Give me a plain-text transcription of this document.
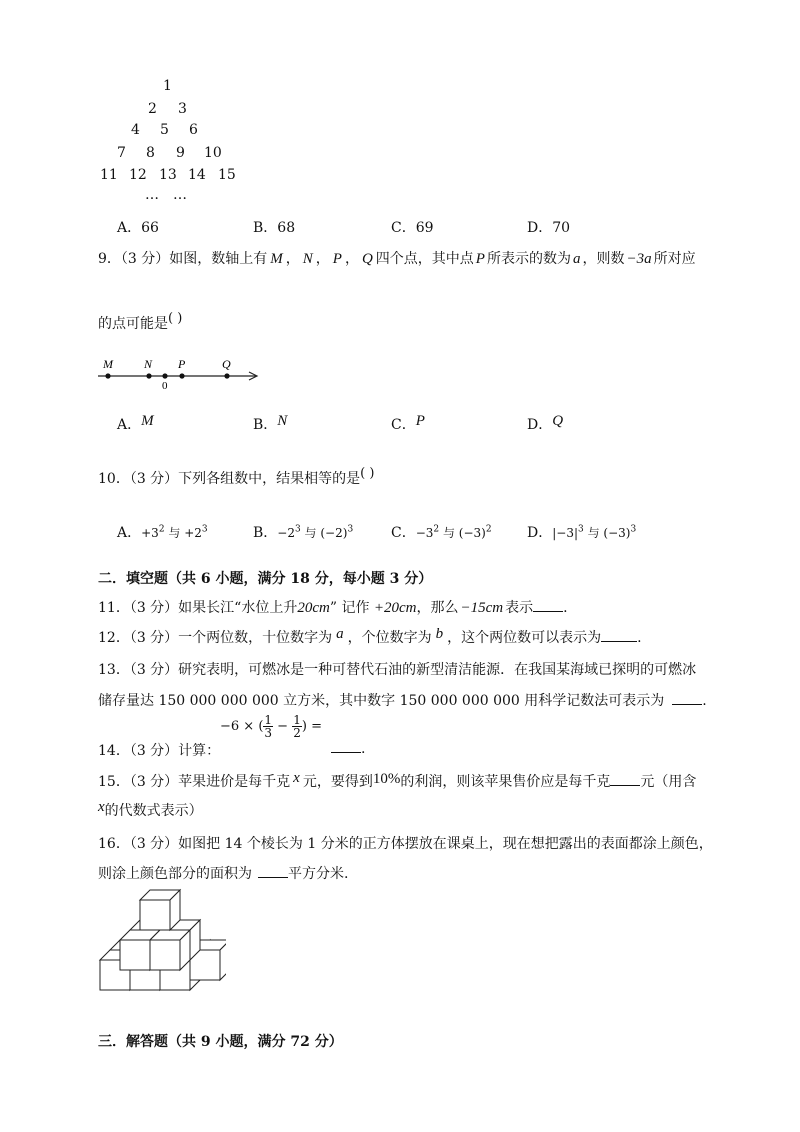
1
2 3
4 5 6
7 8 9 10
11 12 13 14 15
… …
A．66	B．68	C．69	D．70
9．（3 分）如图，数轴上有 M ， N ， P ， Q 四个点，其中点 P 所表示的数为 a ，则数 −3a 所对应
的点可能是( )
M	N P	Q
0
A．M	B．N	C．P	D．Q
10．（3 分）下列各组数中，结果相等的是( )
A．$+3^2$ 与 $+2^3$	B．$-2^3$ 与 $(-2)^3$	C．$-3^2$ 与 $(-3)^2$	D．$|-3|^3$ 与 $(-3)^3$
二．填空题（共 6 小题，满分 18 分，每小题 3 分）
11．（3 分）如果长江“水位上升20cm” 记作 +20cm，那么 −15cm 表示 .
12．（3 分）一个两位数，十位数字为 a ，个位数字为 b ，这个两位数可以表示为	.
13．（3 分）研究表明，可燃冰是一种可替代石油的新型清洁能源．在我国某海域已探明的可燃冰
储存量达 150 000 000 000 立方米，其中数字 150 000 000 000 用科学记数法可表示为	.
14．（3 分）计算：
−6 × ( $\frac{1}{3} - \frac{1}{2}$ ) =
.
15．（3 分）苹果进价是每千克 x 元，要得到10%的利润，则该苹果售价应是每千克 元（用含
x的代数式表示）
16．（3 分）如图把 14 个棱长为 1 分米的正方体摆放在课桌上，现在想把露出的表面都涂上颜色，
则涂上颜色部分的面积为	平方分米.
三．解答题（共 9 小题，满分 72 分）
